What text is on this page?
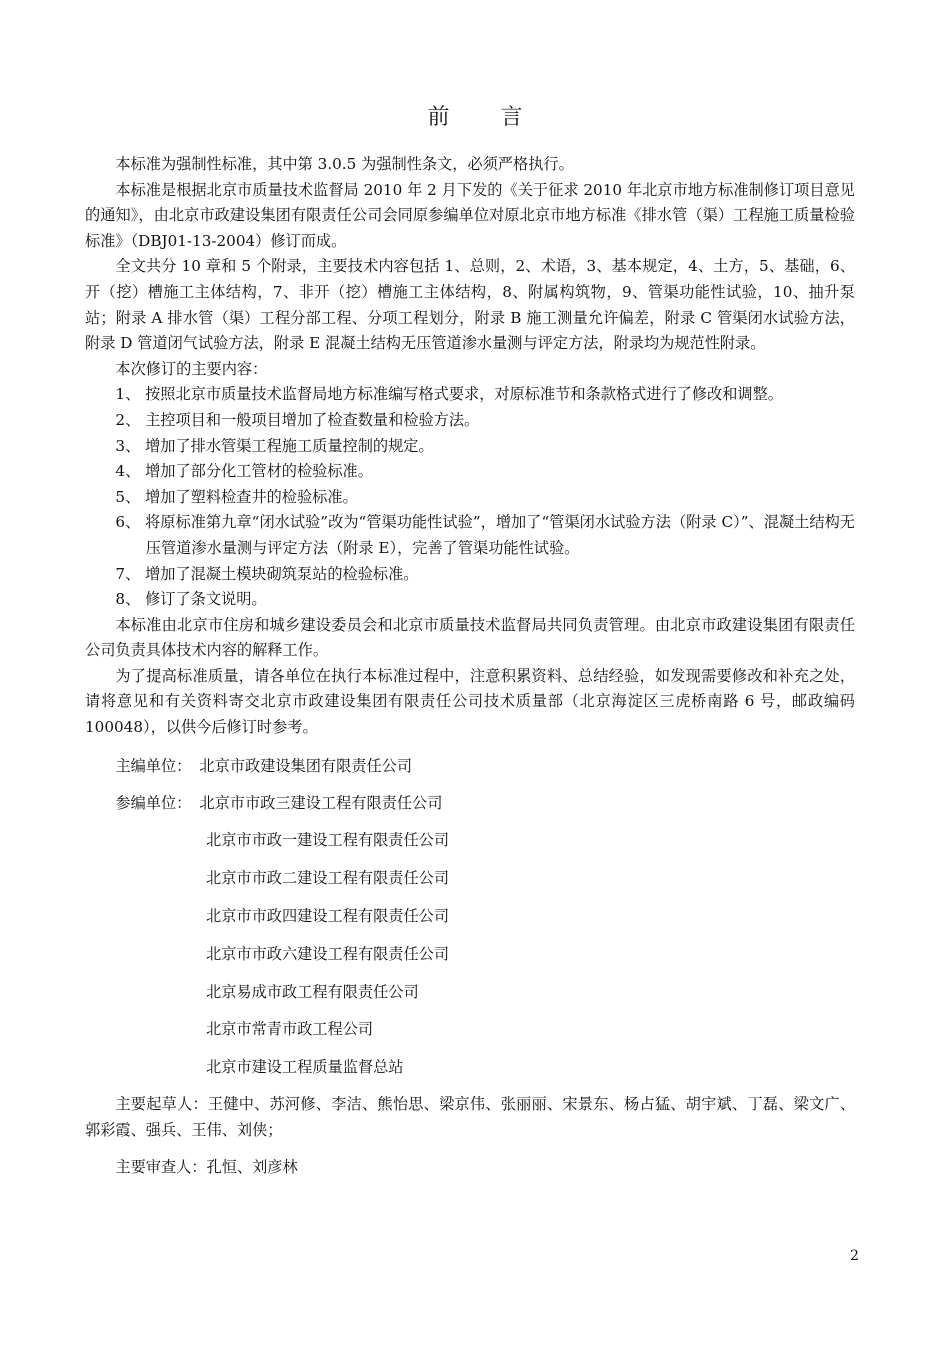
前 言

本标准为强制性标准，其中第 3.0.5 为强制性条文，必须严格执行。

本标准是根据北京市质量技术监督局 2010 年 2 月下发的《关于征求 2010 年北京市地方标准制修订项目意见的通知》，由北京市政建设集团有限责任公司会同原参编单位对原北京市地方标准《排水管（渠）工程施工质量检验标准》（DBJ01-13-2004）修订而成。

全文共分 10 章和 5 个附录，主要技术内容包括 1、总则，2、术语，3、基本规定，4、土方，5、基础，6、开（挖）槽施工主体结构，7、非开（挖）槽施工主体结构，8、附属构筑物，9、管渠功能性试验，10、抽升泵站；附录 A 排水管（渠）工程分部工程、分项工程划分，附录 B 施工测量允许偏差，附录 C 管渠闭水试验方法，附录 D 管道闭气试验方法，附录 E 混凝土结构无压管道渗水量测与评定方法，附录均为规范性附录。

本次修订的主要内容：

1、 按照北京市质量技术监督局地方标准编写格式要求，对原标准节和条款格式进行了修改和调整。

2、 主控项目和一般项目增加了检查数量和检验方法。

3、 增加了排水管渠工程施工质量控制的规定。

4、 增加了部分化工管材的检验标准。

5、 增加了塑料检查井的检验标准。

6、 将原标准第九章“闭水试验”改为“管渠功能性试验”，增加了“管渠闭水试验方法（附录 C）”、混凝土结构无压管道渗水量测与评定方法（附录 E），完善了管渠功能性试验。

7、 增加了混凝土模块砌筑泵站的检验标准。

8、 修订了条文说明。

本标准由北京市住房和城乡建设委员会和北京市质量技术监督局共同负责管理。由北京市政建设集团有限责任公司负责具体技术内容的解释工作。

为了提高标准质量，请各单位在执行本标准过程中，注意积累资料、总结经验，如发现需要修改和补充之处，请将意见和有关资料寄交北京市政建设集团有限责任公司技术质量部（北京海淀区三虎桥南路 6 号，邮政编码 100048），以供今后修订时参考。

主编单位： 北京市政建设集团有限责任公司

参编单位： 北京市市政三建设工程有限责任公司

北京市市政一建设工程有限责任公司
北京市市政二建设工程有限责任公司
北京市市政四建设工程有限责任公司
北京市市政六建设工程有限责任公司
北京易成市政工程有限责任公司
北京市常青市政工程公司
北京市建设工程质量监督总站

主要起草人：王健中、苏河修、李洁、熊怡思、梁京伟、张丽丽、宋景东、杨占猛、胡宇斌、丁磊、梁文广、郭彩霞、强兵、王伟、刘侠；

主要审查人：孔恒、刘彦林

2
